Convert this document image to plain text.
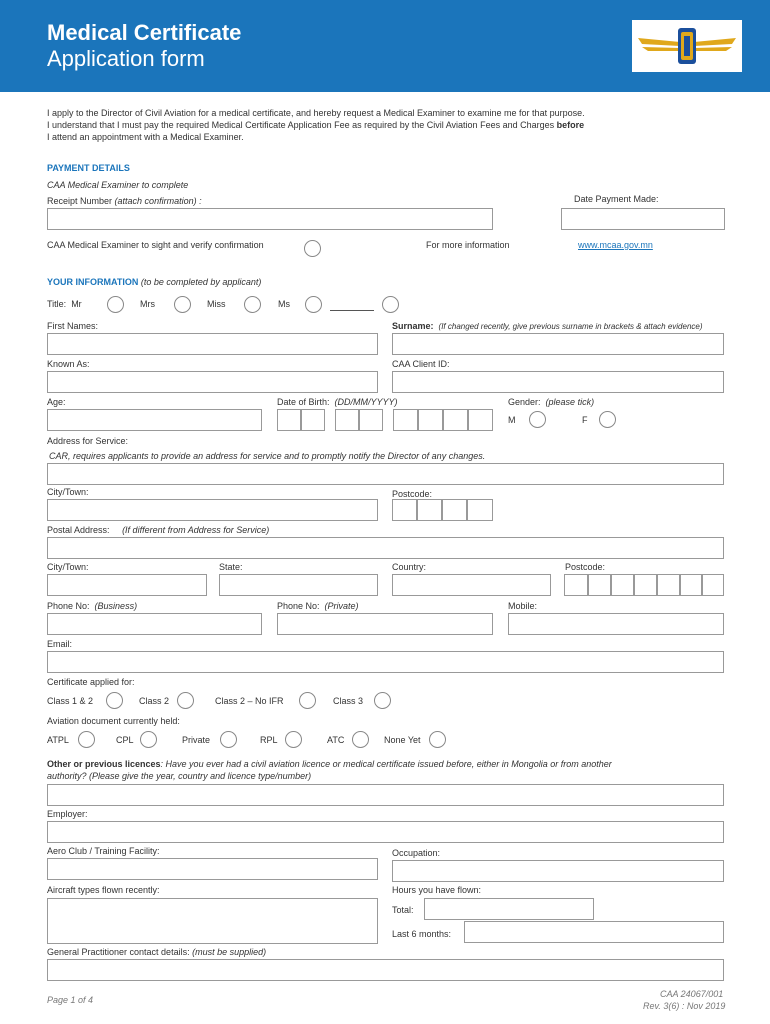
Medical Certificate
Application form
I apply to the Director of Civil Aviation for a medical certificate, and hereby request a Medical Examiner to examine me for that purpose.
I understand that I must pay the required Medical Certificate Application Fee as required by the Civil Aviation Fees and Charges before
I attend an appointment with a Medical Examiner.
PAYMENT DETAILS
CAA Medical Examiner to complete
Receipt Number (attach confirmation) :	Date Payment Made:
CAA Medical Examiner to sight and verify confirmation	For more information	www.mcaa.gov.mn
YOUR INFORMATION (to be completed by applicant)
Title: Mr	Mrs	Miss	Ms
First Names:	Surname: (If changed recently, give previous surname in brackets & attach evidence)
Known As:	CAA Client ID:
Age:	Date of Birth: (DD/MM/YYYY)	Gender: (please tick)
M	F
Address for Service:
CAR, requires applicants to provide an address for service and to promptly notify the Director of any changes.
City/Town:	Postcode:
Postal Address: (If different from Address for Service)
City/Town:	State:	Country:	Postcode:
Phone No: (Business)	Phone No: (Private)	Mobile:
Email:
Certificate applied for:
Class 1 & 2	Class 2	Class 2 – No IFR	Class 3
Aviation document currently held:
ATPL	CPL	Private	RPL	ATC	None Yet
Other or previous licences: Have you ever had a civil aviation licence or medical certificate issued before, either in Mongolia or from another
authority? (Please give the year, country and licence type/number)
Employer:
Aero Club / Training Facility:	Occupation:
Aircraft types flown recently:	Hours you have flown:
Total:
Last 6 months:
General Practitioner contact details: (must be supplied)
Page 1 of 4
CAA 24067/001
Rev. 3(6) : Nov 2019
